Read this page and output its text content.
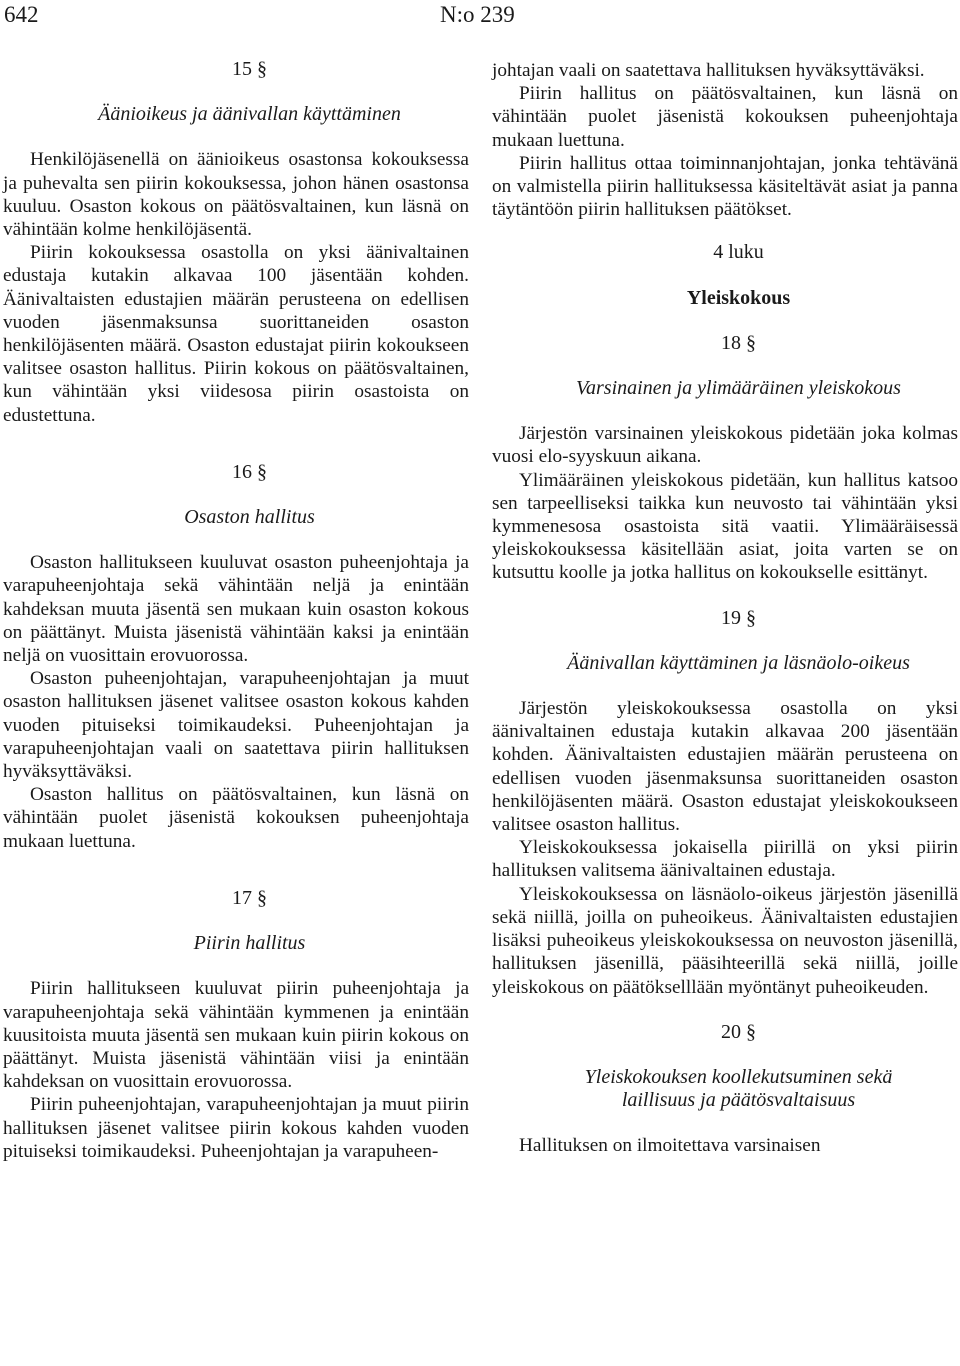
642	N:o 239

15 §

Äänioikeus ja äänivallan käyttäminen

Henkilöjäsenellä on äänioikeus osastonsa kokouksessa ja puhevalta sen piirin kokouksessa, johon hänen osastonsa kuuluu. Osaston kokous on päätösvaltainen, kun läsnä on vähintään kolme henkilöjäsentä.

Piirin kokouksessa osastolla on yksi äänivaltainen edustaja kutakin alkavaa 100 jäsentään kohden. Äänivaltaisten edustajien määrän perusteena on edellisen vuoden jäsenmaksunsa suorittaneiden osaston henkilöjäsenten määrä. Osaston edustajat piirin kokoukseen valitsee osaston hallitus. Piirin kokous on päätösvaltainen, kun vähintään yksi viidesosa piirin osastoista on edustettuna.

16 §

Osaston hallitus

Osaston hallitukseen kuuluvat osaston puheenjohtaja ja varapuheenjohtaja sekä vähintään neljä ja enintään kahdeksan muuta jäsentä sen mukaan kuin osaston kokous on päättänyt. Muista jäsenistä vähintään kaksi ja enintään neljä on vuosittain erovuorossa.

Osaston puheenjohtajan, varapuheenjohtajan ja muut osaston hallituksen jäsenet valitsee osaston kokous kahden vuoden pituiseksi toimikaudeksi. Puheenjohtajan ja varapuheenjohtajan vaali on saatettava piirin hallituksen hyväksyttäväksi.

Osaston hallitus on päätösvaltainen, kun läsnä on vähintään puolet jäsenistä kokouksen puheenjohtaja mukaan luettuna.

17 §

Piirin hallitus

Piirin hallitukseen kuuluvat piirin puheenjohtaja ja varapuheenjohtaja sekä vähintään kymmenen ja enintään kuusitoista muuta jäsentä sen mukaan kuin piirin kokous on päättänyt. Muista jäsenistä vähintään viisi ja enintään kahdeksan on vuosittain erovuorossa.

Piirin puheenjohtajan, varapuheenjohtajan ja muut piirin hallituksen jäsenet valitsee piirin kokous kahden vuoden pituiseksi toimikaudeksi. Puheenjohtajan ja varapuheen-

johtajan vaali on saatettava hallituksen hyväksyttäväksi.

Piirin hallitus on päätösvaltainen, kun läsnä on vähintään puolet jäsenistä kokouksen puheenjohtaja mukaan luettuna.

Piirin hallitus ottaa toiminnanjohtajan, jonka tehtävänä on valmistella piirin hallituksessa käsiteltävät asiat ja panna täytäntöön piirin hallituksen päätökset.

4 luku

Yleiskokous

18 §

Varsinainen ja ylimääräinen yleiskokous

Järjestön varsinainen yleiskokous pidetään joka kolmas vuosi elo-syyskuun aikana.

Ylimääräinen yleiskokous pidetään, kun hallitus katsoo sen tarpeelliseksi taikka kun neuvosto tai vähintään yksi kymmenesosa osastoista sitä vaatii. Ylimääräisessä yleiskokouksessa käsitellään asiat, joita varten se on kutsuttu koolle ja jotka hallitus on kokoukselle esittänyt.

19 §

Äänivallan käyttäminen ja läsnäolo-oikeus

Järjestön yleiskokouksessa osastolla on yksi äänivaltainen edustaja kutakin alkavaa 200 jäsentään kohden. Äänivaltaisten edustajien määrän perusteena on edellisen vuoden jäsenmaksunsa suorittaneiden osaston henkilöjäsenten määrä. Osaston edustajat yleiskokoukseen valitsee osaston hallitus.

Yleiskokouksessa jokaisella piirillä on yksi piirin hallituksen valitsema äänivaltainen edustaja.

Yleiskokouksessa on läsnäolo-oikeus järjestön jäsenillä sekä niillä, joilla on puheoikeus. Äänivaltaisten edustajien lisäksi puheoikeus yleiskokouksessa on neuvoston jäsenillä, hallituksen jäsenillä, pääsihteerillä sekä niillä, joille yleiskokous on päätökselllään myöntänyt puheoikeuden.

20 §

Yleiskokouksen koollekutsuminen sekä

laillisuus ja päätösvaltaisuus

Hallituksen on ilmoitettava varsinaisen
